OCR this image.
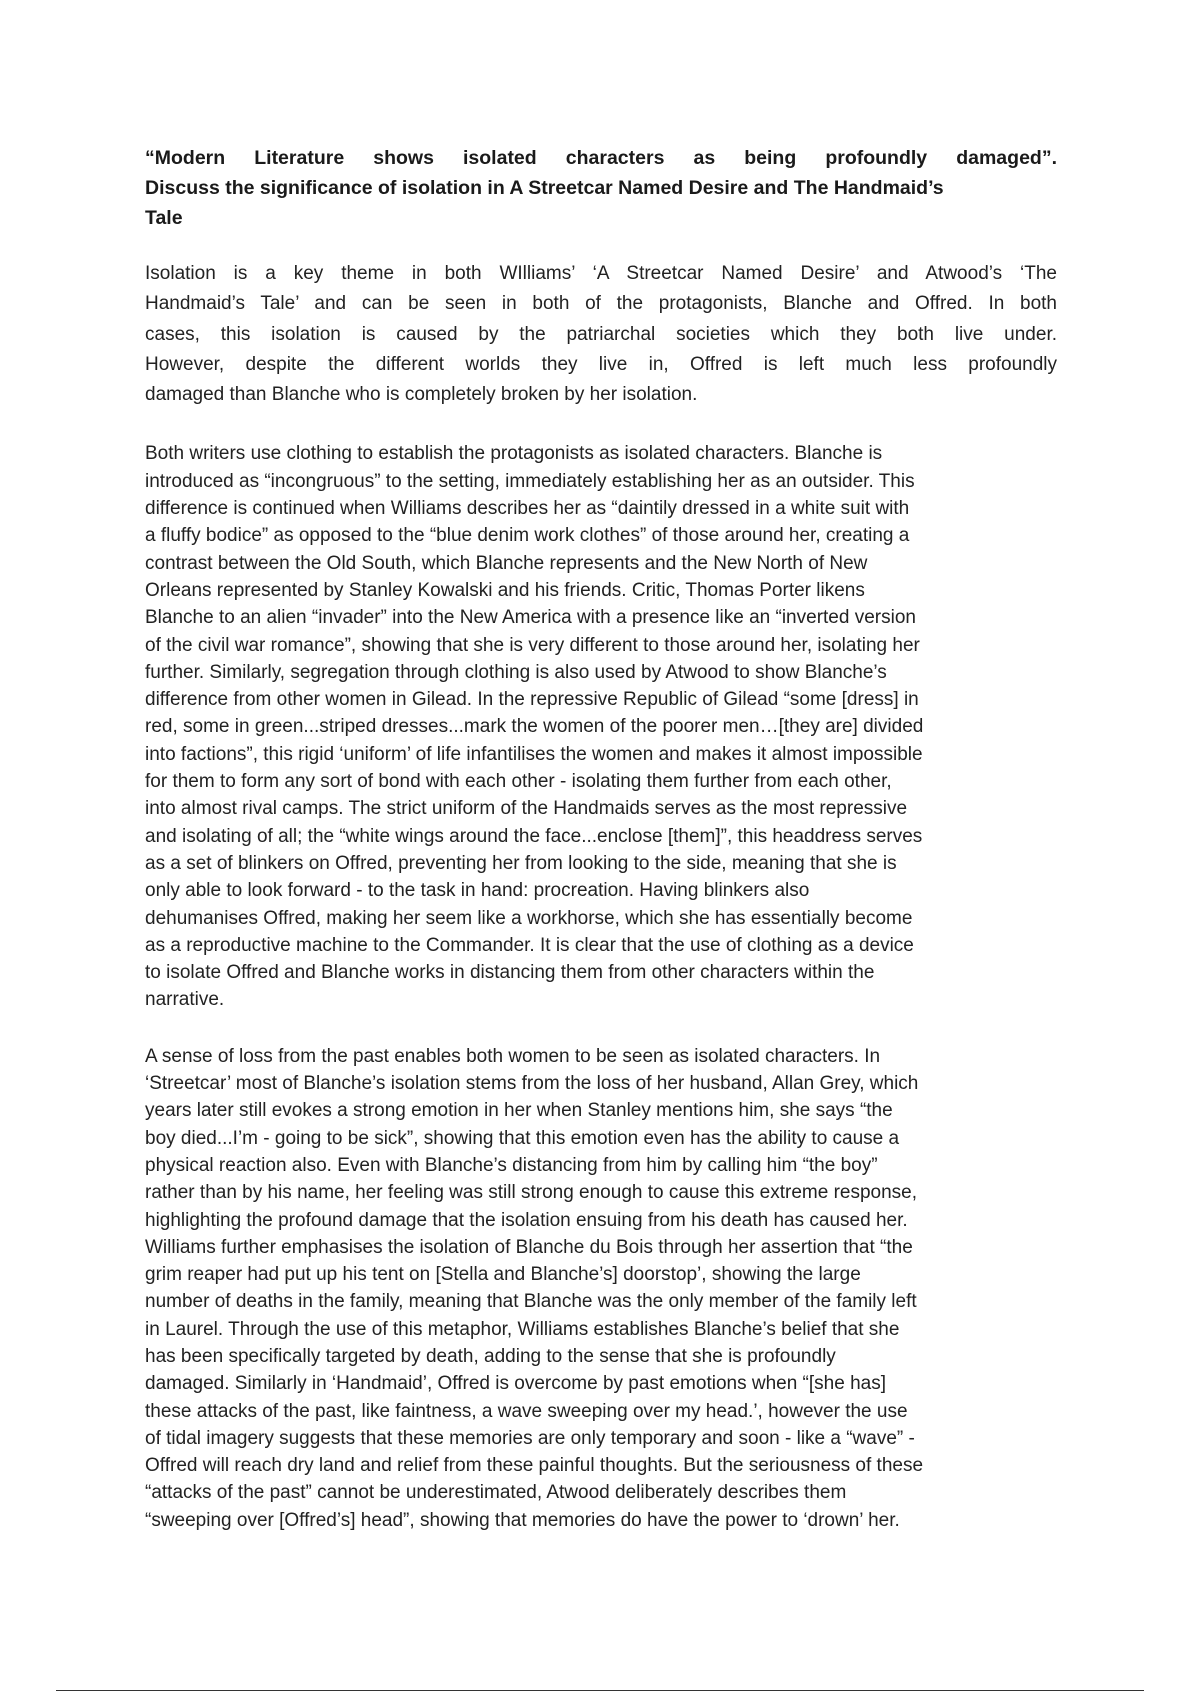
“Modern Literature shows isolated characters as being profoundly damaged”.
Discuss the significance of isolation in A Streetcar Named Desire and The Handmaid’s
Tale

Isolation is a key theme in both WIlliams’ ‘A Streetcar Named Desire’ and Atwood’s ‘The
Handmaid’s Tale’ and can be seen in both of the protagonists, Blanche and Offred. In both
cases, this isolation is caused by the patriarchal societies which they both live under.
However, despite the different worlds they live in, Offred is left much less profoundly
damaged than Blanche who is completely broken by her isolation.

Both writers use clothing to establish the protagonists as isolated characters. Blanche is
introduced as “incongruous” to the setting, immediately establishing her as an outsider. This
difference is continued when Williams describes her as “daintily dressed in a white suit with
a fluffy bodice” as opposed to the “blue denim work clothes” of those around her, creating a
contrast between the Old South, which Blanche represents and the New North of New
Orleans represented by Stanley Kowalski and his friends. Critic, Thomas Porter likens
Blanche to an alien “invader” into the New America with a presence like an “inverted version
of the civil war romance”, showing that she is very different to those around her, isolating her
further. Similarly, segregation through clothing is also used by Atwood to show Blanche’s
difference from other women in Gilead. In the repressive Republic of Gilead “some [dress] in
red, some in green...striped dresses...mark the women of the poorer men…[they are] divided
into factions”, this rigid ‘uniform’ of life infantilises the women and makes it almost impossible
for them to form any sort of bond with each other - isolating them further from each other,
into almost rival camps. The strict uniform of the Handmaids serves as the most repressive
and isolating of all; the “white wings around the face...enclose [them]”, this headdress serves
as a set of blinkers on Offred, preventing her from looking to the side, meaning that she is
only able to look forward - to the task in hand: procreation. Having blinkers also
dehumanises Offred, making her seem like a workhorse, which she has essentially become
as a reproductive machine to the Commander. It is clear that the use of clothing as a device
to isolate Offred and Blanche works in distancing them from other characters within the
narrative.

A sense of loss from the past enables both women to be seen as isolated characters. In
‘Streetcar’ most of Blanche’s isolation stems from the loss of her husband, Allan Grey, which
years later still evokes a strong emotion in her when Stanley mentions him, she says “the
boy died...I’m - going to be sick”, showing that this emotion even has the ability to cause a
physical reaction also. Even with Blanche’s distancing from him by calling him “the boy”
rather than by his name, her feeling was still strong enough to cause this extreme response,
highlighting the profound damage that the isolation ensuing from his death has caused her.
Williams further emphasises the isolation of Blanche du Bois through her assertion that “the
grim reaper had put up his tent on [Stella and Blanche’s] doorstop’, showing the large
number of deaths in the family, meaning that Blanche was the only member of the family left
in Laurel. Through the use of this metaphor, Williams establishes Blanche’s belief that she
has been specifically targeted by death, adding to the sense that she is profoundly
damaged. Similarly in ‘Handmaid’, Offred is overcome by past emotions when “[she has]
these attacks of the past, like faintness, a wave sweeping over my head.’, however the use
of tidal imagery suggests that these memories are only temporary and soon - like a “wave” -
Offred will reach dry land and relief from these painful thoughts. But the seriousness of these
“attacks of the past” cannot be underestimated, Atwood deliberately describes them
“sweeping over [Offred’s] head”, showing that memories do have the power to ‘drown’ her.
